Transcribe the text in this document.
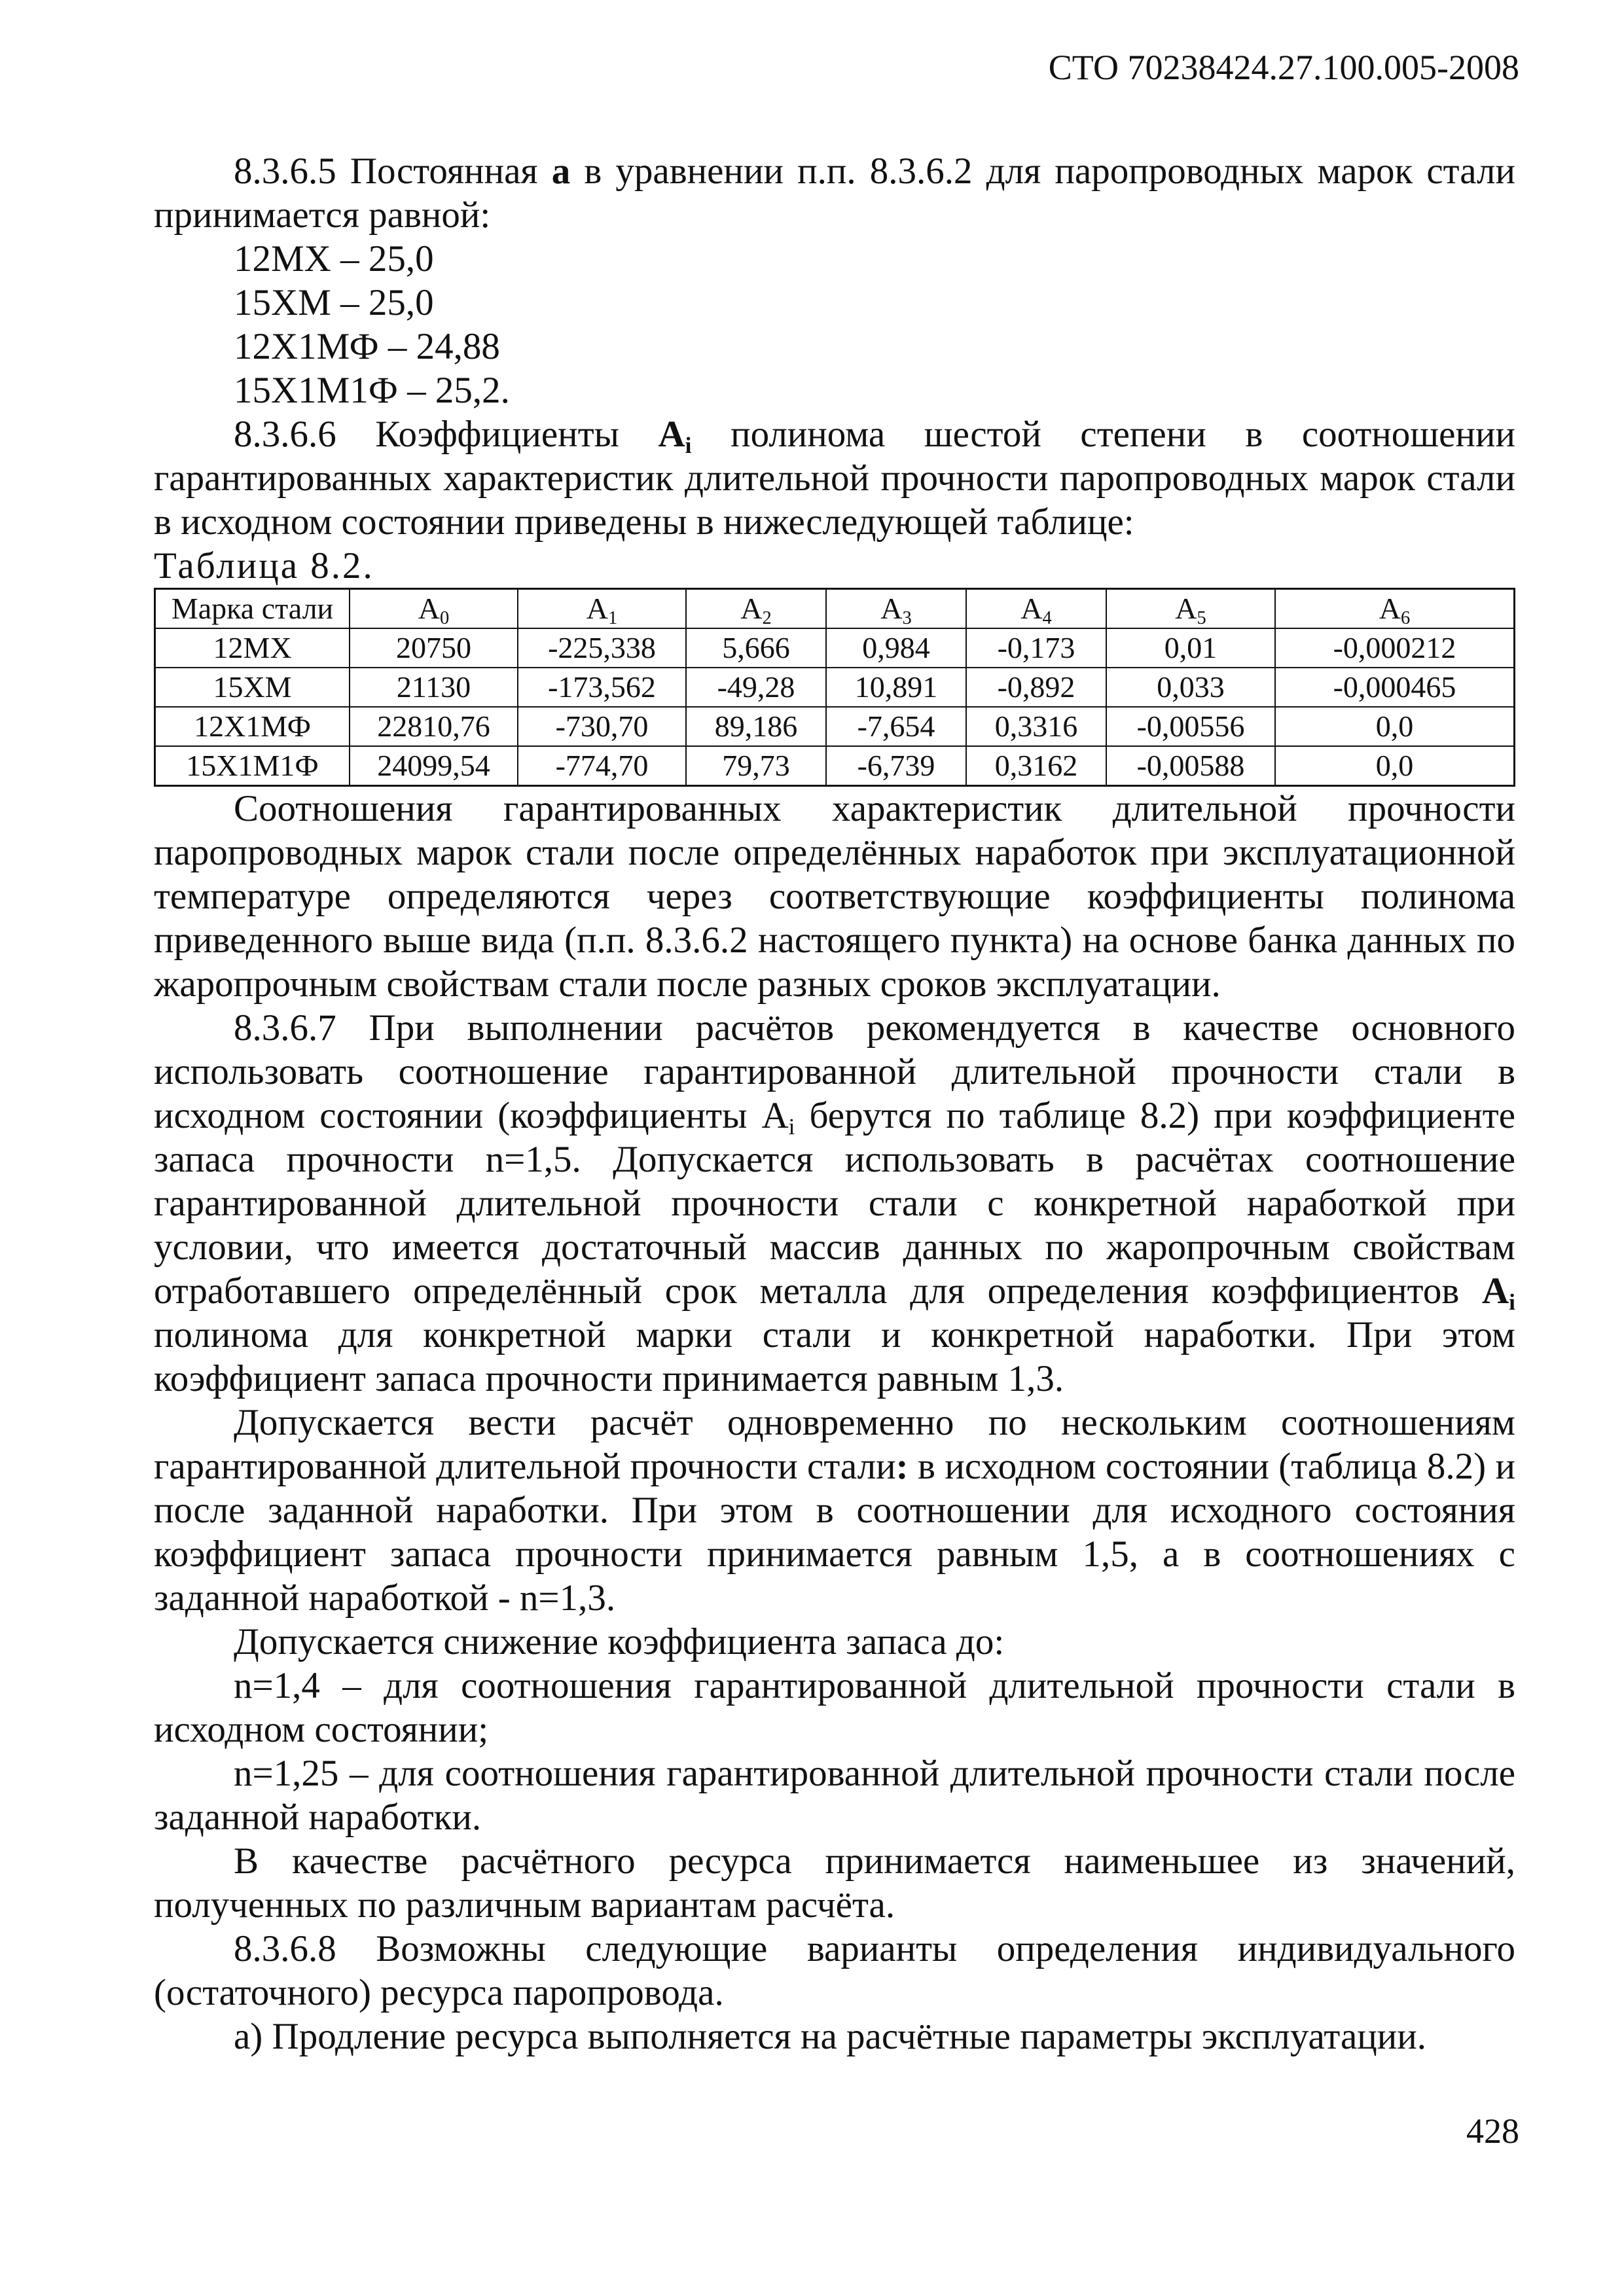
СТО 70238424.27.100.005-2008

8.3.6.5 Постоянная a в уравнении п.п. 8.3.6.2 для паропроводных марок стали принимается равной:

12МХ – 25,0

15ХМ – 25,0

12Х1МФ – 24,88

15Х1М1Ф – 25,2.

8.3.6.6 Коэффициенты $A_i$ полинома шестой степени в соотношении гарантированных характеристик длительной прочности паропроводных марок стали в исходном состоянии приведены в нижеследующей таблице:

Таблица 8.2.

Марка стали	$A_0$	$A_1$	$A_2$	$A_3$	$A_4$	$A_5$	$A_6$
12МХ	20750	-225,338	5,666	0,984	-0,173	0,01	-0,000212
15ХМ	21130	-173,562	-49,28	10,891	-0,892	0,033	-0,000465
12Х1МФ	22810,76	-730,70	89,186	-7,654	0,3316	-0,00556	0,0
15Х1М1Ф	24099,54	-774,70	79,73	-6,739	0,3162	-0,00588	0,0

Соотношения гарантированных характеристик длительной прочности паропроводных марок стали после определённых наработок при эксплуатационной температуре определяются через соответствующие коэффициенты полинома приведенного выше вида (п.п. 8.3.6.2 настоящего пункта) на основе банка данных по жаропрочным свойствам стали после разных сроков эксплуатации.

8.3.6.7 При выполнении расчётов рекомендуется в качестве основного использовать соотношение гарантированной длительной прочности стали в исходном состоянии (коэффициенты $A_i$ берутся по таблице 8.2) при коэффициенте запаса прочности n=1,5. Допускается использовать в расчётах соотношение гарантированной длительной прочности стали с конкретной наработкой при условии, что имеется достаточный массив данных по жаропрочным свойствам отработавшего определённый срок металла для определения коэффициентов $A_i$ полинома для конкретной марки стали и конкретной наработки. При этом коэффициент запаса прочности принимается равным 1,3.

Допускается вести расчёт одновременно по нескольким соотношениям гарантированной длительной прочности стали: в исходном состоянии (таблица 8.2) и после заданной наработки. При этом в соотношении для исходного состояния коэффициент запаса прочности принимается равным 1,5, а в соотношениях с заданной наработкой - n=1,3.

Допускается снижение коэффициента запаса до:

n=1,4 – для соотношения гарантированной длительной прочности стали в исходном состоянии;

n=1,25 – для соотношения гарантированной длительной прочности стали после заданной наработки.

В качестве расчётного ресурса принимается наименьшее из значений, полученных по различным вариантам расчёта.

8.3.6.8 Возможны следующие варианты определения индивидуального (остаточного) ресурса паропровода.

а) Продление ресурса выполняется на расчётные параметры эксплуатации.

428
